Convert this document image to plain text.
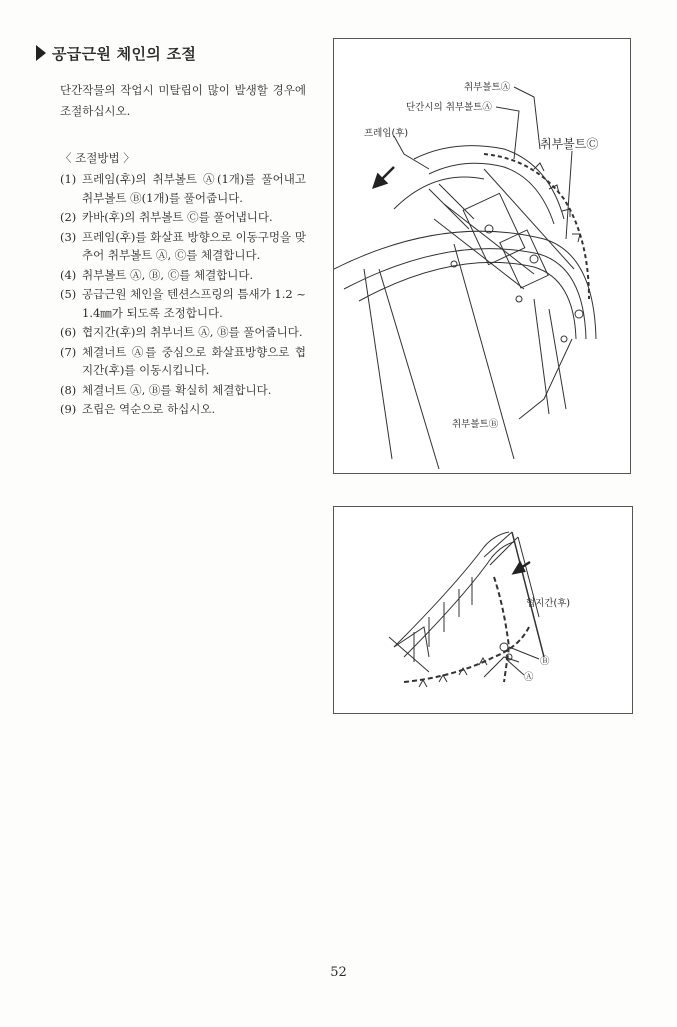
공급근원 체인의 조절

단간작물의 작업시 미탈립이 많이 발생할 경우에 조절하십시오.

〈 조절방법 〉
(1) 프레임(후)의 취부볼트 Ⓐ(1개)를 풀어내고 취부볼트 Ⓑ(1개)를 풀어줍니다.
(2) 카바(후)의 취부볼트 Ⓒ를 풀어냅니다.
(3) 프레임(후)를 화살표 방향으로 이동구멍을 맞추어 취부볼트 Ⓐ, Ⓒ를 체결합니다.
(4) 취부볼트 Ⓐ, Ⓑ, Ⓒ를 체결합니다.
(5) 공급근원 체인을 텐션스프링의 틈새가 1.2 ~ 1.4㎜가 되도록 조정합니다.
(6) 협지간(후)의 취부너트 Ⓐ, Ⓑ를 풀어줍니다.
(7) 체결너트 Ⓐ를 중심으로 화살표방향으로 협지간(후)를 이동시킵니다.
(8) 체결너트 Ⓐ, Ⓑ를 확실히 체결합니다.
(9) 조립은 역순으로 하십시오.
취부볼트Ⓐ
단간시의 취부볼트Ⓐ
프레임(후)
취부볼트Ⓒ
취부볼트Ⓑ
협지간(후)
Ⓑ
Ⓐ
52
